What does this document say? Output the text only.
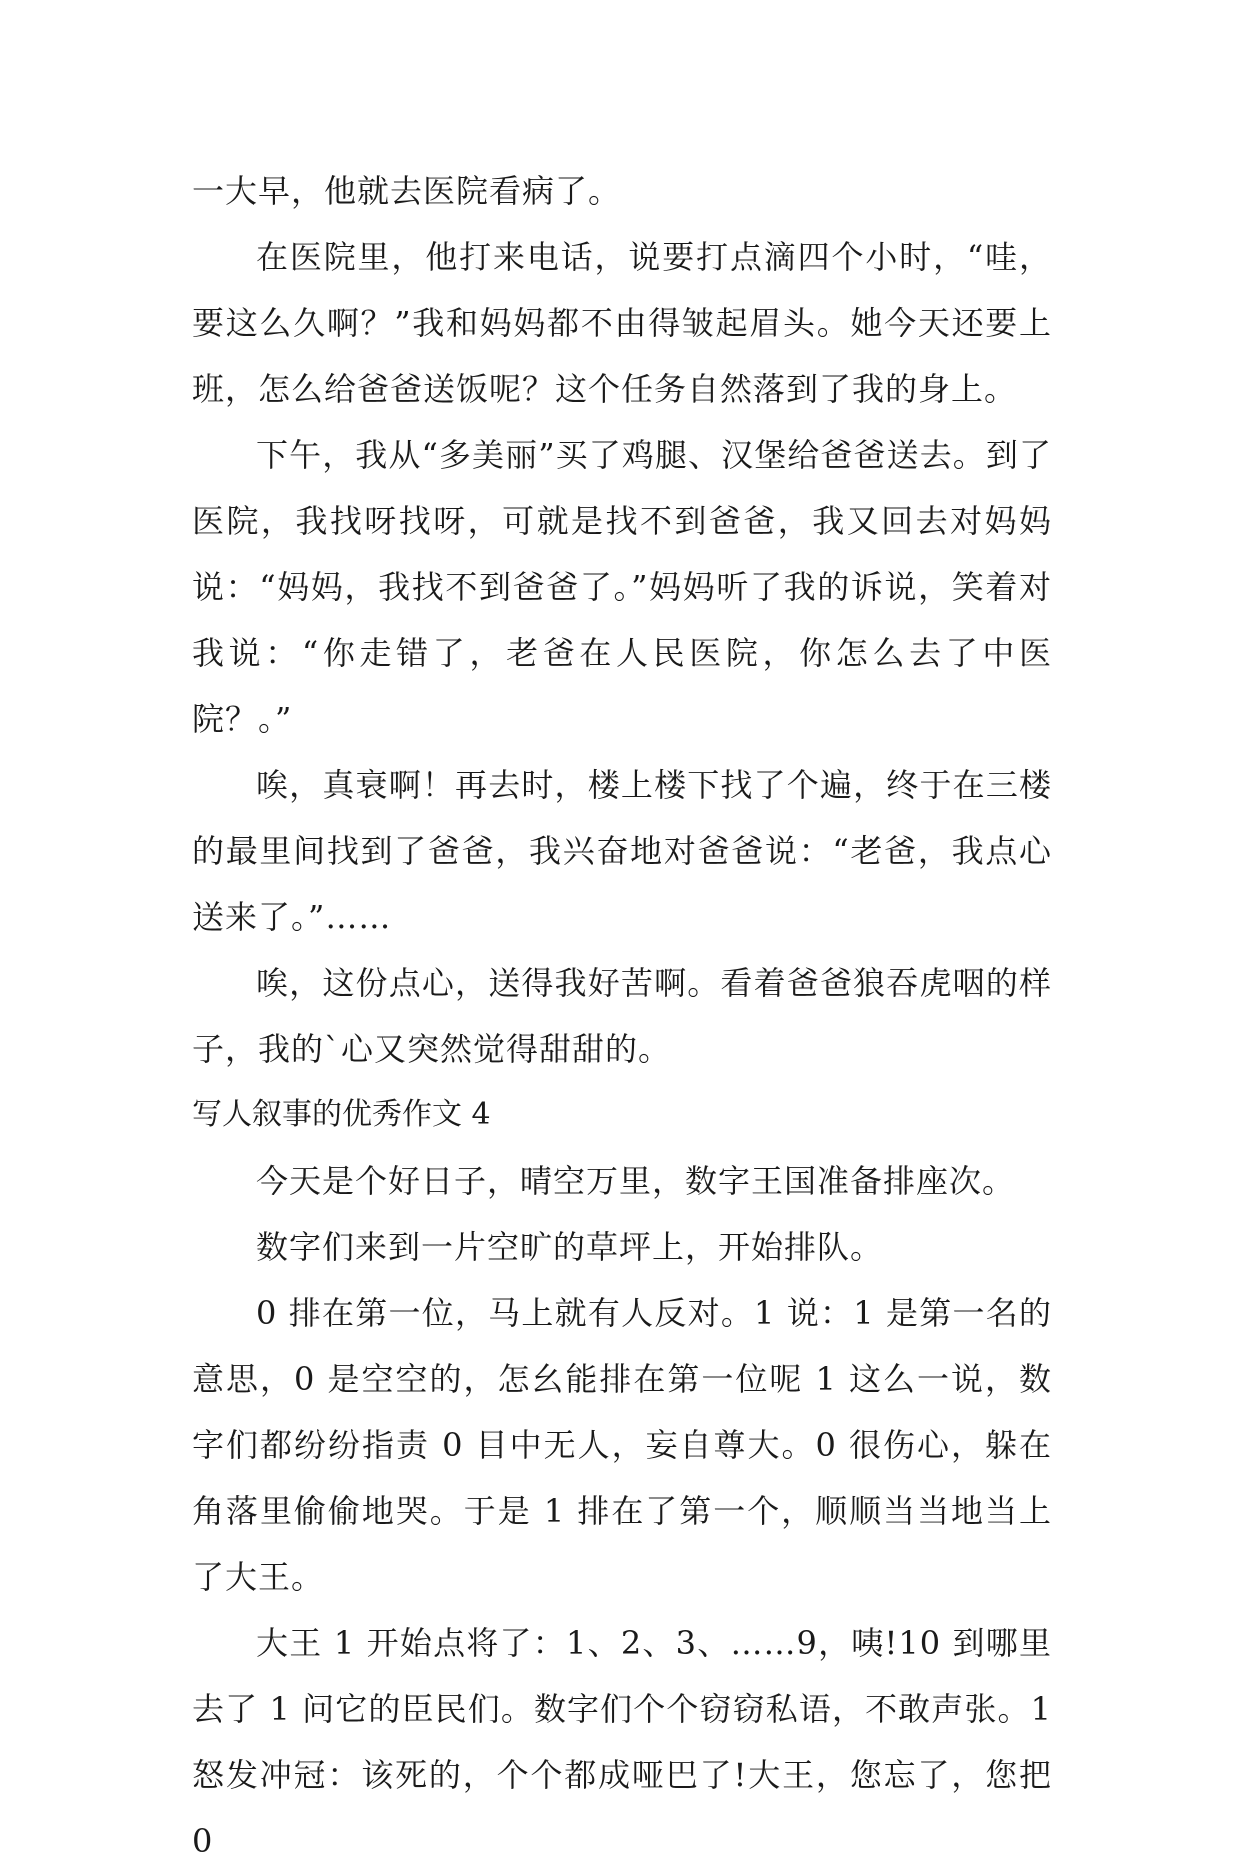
一大早，他就去医院看病了。

在医院里，他打来电话，说要打点滴四个小时，“哇，要这么久啊？”我和妈妈都不由得皱起眉头。她今天还要上班，怎么给爸爸送饭呢？这个任务自然落到了我的身上。

下午，我从“多美丽”买了鸡腿、汉堡给爸爸送去。到了医院，我找呀找呀，可就是找不到爸爸，我又回去对妈妈说：“妈妈，我找不到爸爸了。”妈妈听了我的诉说，笑着对我说：“你走错了，老爸在人民医院，你怎么去了中医院？。”

唉，真衰啊！再去时，楼上楼下找了个遍，终于在三楼的最里间找到了爸爸，我兴奋地对爸爸说：“老爸，我点心送来了。”……

唉，这份点心，送得我好苦啊。看着爸爸狼吞虎咽的样子，我的`心又突然觉得甜甜的。

写人叙事的优秀作文 4

今天是个好日子，晴空万里，数字王国准备排座次。

数字们来到一片空旷的草坪上，开始排队。

0 排在第一位，马上就有人反对。1 说：1 是第一名的意思，0 是空空的，怎幺能排在第一位呢 1 这么一说，数字们都纷纷指责 0 目中无人，妄自尊大。0 很伤心，躲在角落里偷偷地哭。于是 1 排在了第一个，顺顺当当地当上了大王。

大王 1 开始点将了：1、2、3、……9，咦!10 到哪里去了 1 问它的臣民们。数字们个个窃窃私语，不敢声张。1 怒发冲冠：该死的，个个都成哑巴了!大王，您忘了，您把 0
